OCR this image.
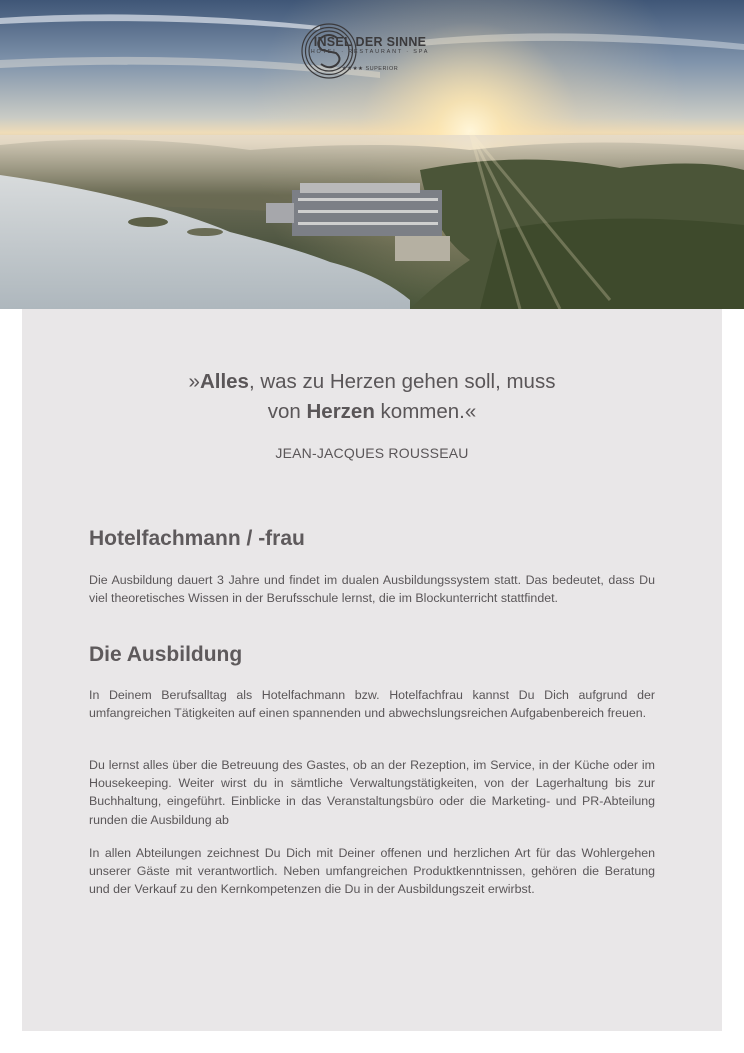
INSEL DER SINNE
HOTEL · RESTAURANT · SPA
★★★★ SUPERIOR
»Alles, was zu Herzen gehen soll, muss
von Herzen kommen.«
JEAN-JACQUES ROUSSEAU
Hotelfachmann / -frau
Die Ausbildung dauert 3 Jahre und findet im dualen Ausbildungssystem statt. Das bedeutet, dass Du viel theoretisches Wissen in der Berufsschule lernst, die im Blockunterricht stattfindet.
Die Ausbildung
In Deinem Berufsalltag als Hotelfachmann bzw. Hotelfachfrau kannst Du Dich aufgrund der umfangreichen Tätigkeiten auf einen spannenden und abwechslungsreichen Aufgabenbereich freuen.
Du lernst alles über die Betreuung des Gastes, ob an der Rezeption, im Service, in der Küche oder im Housekeeping. Weiter wirst du in sämtliche Verwaltungstätigkeiten, von der Lagerhaltung bis zur Buchhaltung, eingeführt. Einblicke in das Veranstaltungsbüro oder die Marketing- und PR-Abteilung runden die Ausbildung ab
In allen Abteilungen zeichnest Du Dich mit Deiner offenen und herzlichen Art für das Wohlergehen unserer Gäste mit verantwortlich. Neben umfangreichen Produktkenntnissen, gehören die Beratung und der Verkauf zu den Kernkompetenzen die Du in der Ausbildungszeit erwirbst.
